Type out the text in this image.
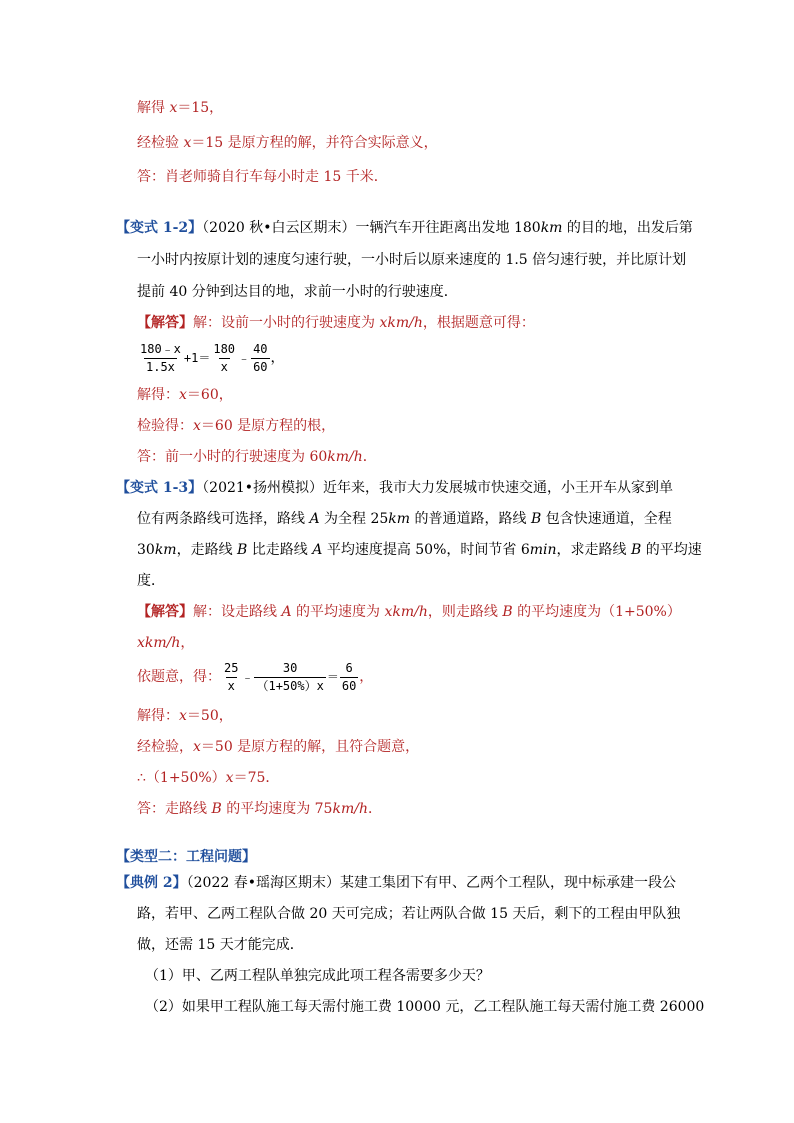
解得 x＝15，
经检验 x＝15 是原方程的解，并符合实际意义，
答：肖老师骑自行车每小时走 15 千米．
【变式 1-2】（2020 秋•白云区期末）一辆汽车开往距离出发地 180km 的目的地，出发后第
一小时内按原计划的速度匀速行驶，一小时后以原来速度的 1.5 倍匀速行驶，并比原计划
提前 40 分钟到达目的地，求前一小时的行驶速度．
【解答】解：设前一小时的行驶速度为 xkm/h，根据题意可得：
$\frac{180﹣x}{1.5x} +1= \frac{180}{x}$ ﹣ $\frac{40}{60}$ ，
解得：x＝60，
检验得：x＝60 是原方程的根，
答：前一小时的行驶速度为 60km/h．
【变式 1-3】（2021•扬州模拟）近年来，我市大力发展城市快速交通，小王开车从家到单
位有两条路线可选择，路线 A 为全程 25km 的普通道路，路线 B 包含快速通道，全程
30km，走路线 B 比走路线 A 平均速度提高 50%，时间节省 6min，求走路线 B 的平均速
度．
【解答】解：设走路线 A 的平均速度为 xkm/h，则走路线 B 的平均速度为（1+50%）
xkm/h，
依题意，得： $\frac{25}{x}$ ﹣ $\frac{30}{(1+50\%)x} = \frac{6}{60}$ ，
解得：x＝50，
经检验，x＝50 是原方程的解，且符合题意，
∴（1+50%）x＝75．
答：走路线 B 的平均速度为 75km/h．
【类型二：工程问题】
【典例 2】（2022 春•瑶海区期末）某建工集团下有甲、乙两个工程队，现中标承建一段公
路，若甲、乙两工程队合做 20 天可完成；若让两队合做 15 天后，剩下的工程由甲队独
做，还需 15 天才能完成．
（1）甲、乙两工程队单独完成此项工程各需要多少天？
（2）如果甲工程队施工每天需付施工费 10000 元，乙工程队施工每天需付施工费 26000
